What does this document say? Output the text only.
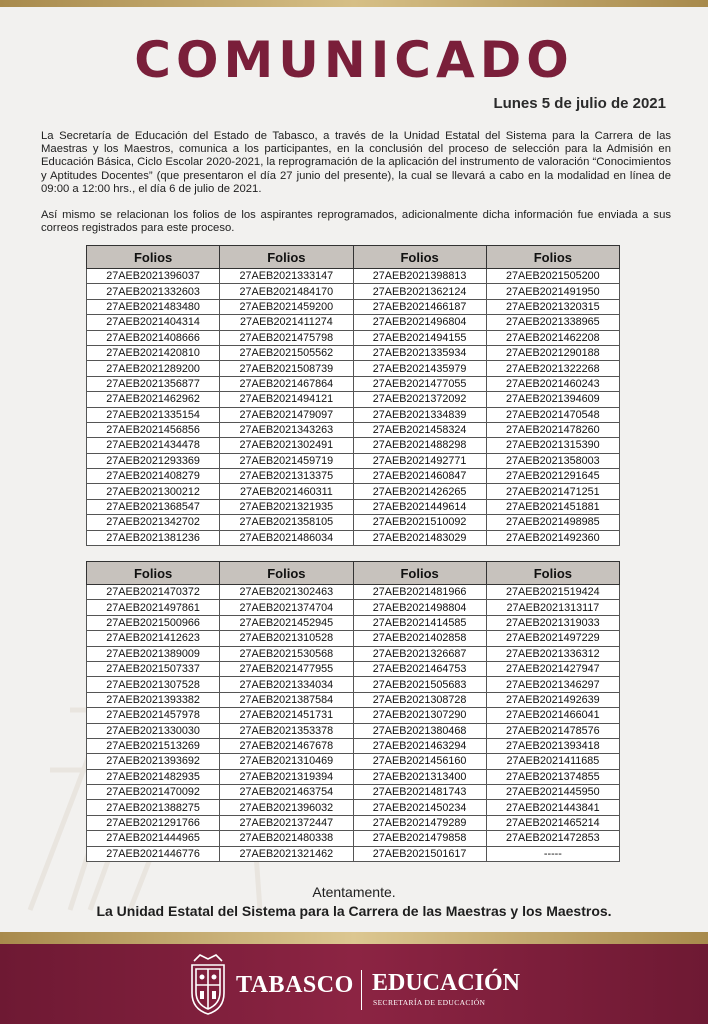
COMUNICADO
Lunes 5 de julio de 2021

La Secretaría de Educación del Estado de Tabasco, a través de la Unidad Estatal del Sistema para la Carrera de las Maestras y los Maestros, comunica a los participantes, en la conclusión del proceso de selección para la Admisión en Educación Básica, Ciclo Escolar 2020-2021, la reprogramación de la aplicación del instrumento de valoración “Conocimientos y Aptitudes Docentes” (que presentaron el día 27 junio del presente), la cual se llevará a cabo en la modalidad en línea de 09:00 a 12:00 hrs., el día 6 de julio de 2021.

Así mismo se relacionan los folios de los aspirantes reprogramados, adicionalmente dicha información fue enviada a sus correos registrados para este proceso.

Folios	Folios	Folios	Folios
27AEB2021396037	27AEB2021333147	27AEB2021398813	27AEB2021505200
27AEB2021332603	27AEB2021484170	27AEB2021362124	27AEB2021491950
27AEB2021483480	27AEB2021459200	27AEB2021466187	27AEB2021320315
27AEB2021404314	27AEB2021411274	27AEB2021496804	27AEB2021338965
27AEB2021408666	27AEB2021475798	27AEB2021494155	27AEB2021462208
27AEB2021420810	27AEB2021505562	27AEB2021335934	27AEB2021290188
27AEB2021289200	27AEB2021508739	27AEB2021435979	27AEB2021322268
27AEB2021356877	27AEB2021467864	27AEB2021477055	27AEB2021460243
27AEB2021462962	27AEB2021494121	27AEB2021372092	27AEB2021394609
27AEB2021335154	27AEB2021479097	27AEB2021334839	27AEB2021470548
27AEB2021456856	27AEB2021343263	27AEB2021458324	27AEB2021478260
27AEB2021434478	27AEB2021302491	27AEB2021488298	27AEB2021315390
27AEB2021293369	27AEB2021459719	27AEB2021492771	27AEB2021358003
27AEB2021408279	27AEB2021313375	27AEB2021460847	27AEB2021291645
27AEB2021300212	27AEB2021460311	27AEB2021426265	27AEB2021471251
27AEB2021368547	27AEB2021321935	27AEB2021449614	27AEB2021451881
27AEB2021342702	27AEB2021358105	27AEB2021510092	27AEB2021498985
27AEB2021381236	27AEB2021486034	27AEB2021483029	27AEB2021492360
Folios	Folios	Folios	Folios
27AEB2021470372	27AEB2021302463	27AEB2021481966	27AEB2021519424
27AEB2021497861	27AEB2021374704	27AEB2021498804	27AEB2021313117
27AEB2021500966	27AEB2021452945	27AEB2021414585	27AEB2021319033
27AEB2021412623	27AEB2021310528	27AEB2021402858	27AEB2021497229
27AEB2021389009	27AEB2021530568	27AEB2021326687	27AEB2021336312
27AEB2021507337	27AEB2021477955	27AEB2021464753	27AEB2021427947
27AEB2021307528	27AEB2021334034	27AEB2021505683	27AEB2021346297
27AEB2021393382	27AEB2021387584	27AEB2021308728	27AEB2021492639
27AEB2021457978	27AEB2021451731	27AEB2021307290	27AEB2021466041
27AEB2021330030	27AEB2021353378	27AEB2021380468	27AEB2021478576
27AEB2021513269	27AEB2021467678	27AEB2021463294	27AEB2021393418
27AEB2021393692	27AEB2021310469	27AEB2021456160	27AEB2021411685
27AEB2021482935	27AEB2021319394	27AEB2021313400	27AEB2021374855
27AEB2021470092	27AEB2021463754	27AEB2021481743	27AEB2021445950
27AEB2021388275	27AEB2021396032	27AEB2021450234	27AEB2021443841
27AEB2021291766	27AEB2021372447	27AEB2021479289	27AEB2021465214
27AEB2021444965	27AEB2021480338	27AEB2021479858	27AEB2021472853
27AEB2021446776	27AEB2021321462	27AEB2021501617	-----
Atentamente.
La Unidad Estatal del Sistema para la Carrera de las Maestras y los Maestros.
TABASCO EDUCACIÓN
SECRETARÍA DE EDUCACIÓN
